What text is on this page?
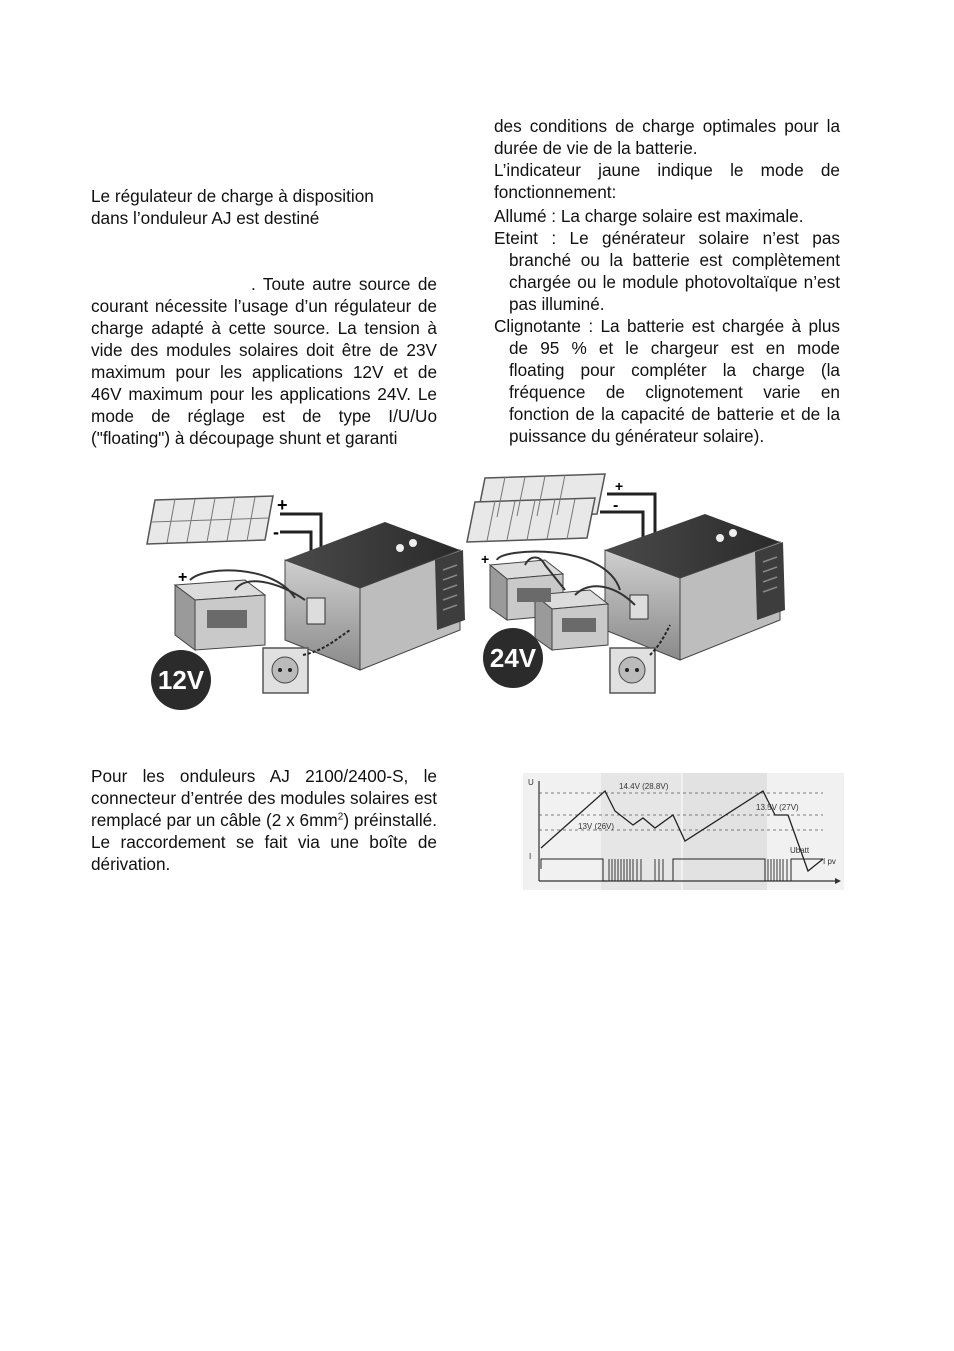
Le régulateur de charge à disposition

dans l’onduleur AJ est destiné

. Toute autre source de courant nécessite l’usage d’un régulateur de charge adapté à cette source. La tension à vide des modules solaires doit être de 23V maximum pour les applications 12V et de 46V maximum pour les applications 24V. Le mode de réglage est de type I/U/Uo ("floating") à découpage shunt et garanti

des conditions de charge optimales pour la durée de vie de la batterie.

L’indicateur jaune indique le mode de fonctionnement:

Allumé : La charge solaire est maximale.

Eteint : Le générateur solaire n’est pas branché ou la batterie est complètement chargée ou le module photovoltaïque n’est pas illuminé.

Clignotante : La batterie est chargée à plus de 95 % et le chargeur est en mode floating pour compléter la charge (la fréquence de clignotement varie en fonction de la capacité de batterie et de la puissance du générateur solaire).

+
-
+
12V
+
-
+
24V

Pour les onduleurs AJ 2100/2400-S, le connecteur d’entrée des modules solaires est remplacé par un câble (2 x $6mm^2$) préinstallé. Le raccordement se fait via une boîte de dérivation.

U
I
14.4V (28.8V)
13.5V (27V)
13V (26V)
Ubatt
I pv
